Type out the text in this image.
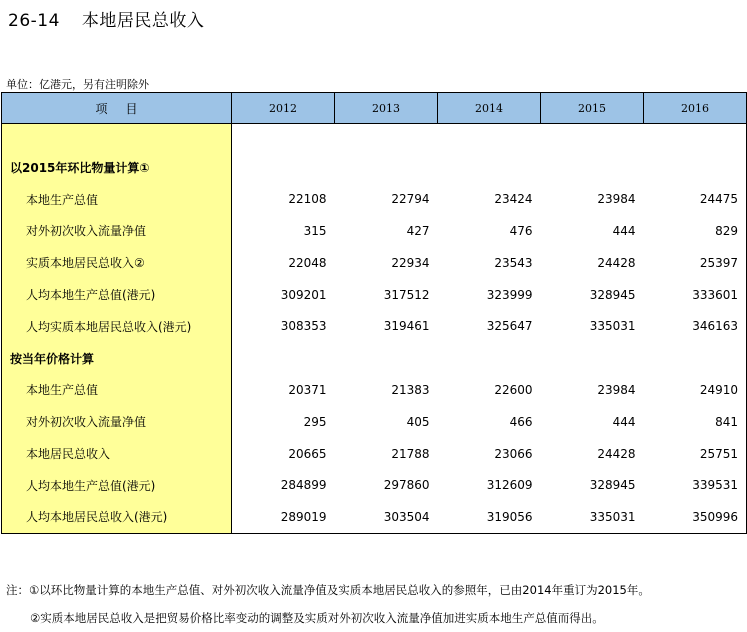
26-14 本地居民总收入
单位：亿港元，另有注明除外
项目	2012	2013	2014	2015	2016

以2015年环比物量计算①					
本地生产总值	22108	22794	23424	23984	24475
对外初次收入流量净值	315	427	476	444	829
实质本地居民总收入②	22048	22934	23543	24428	25397
人均本地生产总值(港元)	309201	317512	323999	328945	333601
人均实质本地居民总收入(港元)	308353	319461	325647	335031	346163
按当年价格计算					
本地生产总值	20371	21383	22600	23984	24910
对外初次收入流量净值	295	405	466	444	841
本地居民总收入	20665	21788	23066	24428	25751
人均本地生产总值(港元)	284899	297860	312609	328945	339531
人均本地居民总收入(港元)	289019	303504	319056	335031	350996
注：①以环比物量计算的本地生产总值、对外初次收入流量净值及实质本地居民总收入的参照年，已由2014年重订为2015年。
②实质本地居民总收入是把贸易价格比率变动的调整及实质对外初次收入流量净值加进实质本地生产总值而得出。
